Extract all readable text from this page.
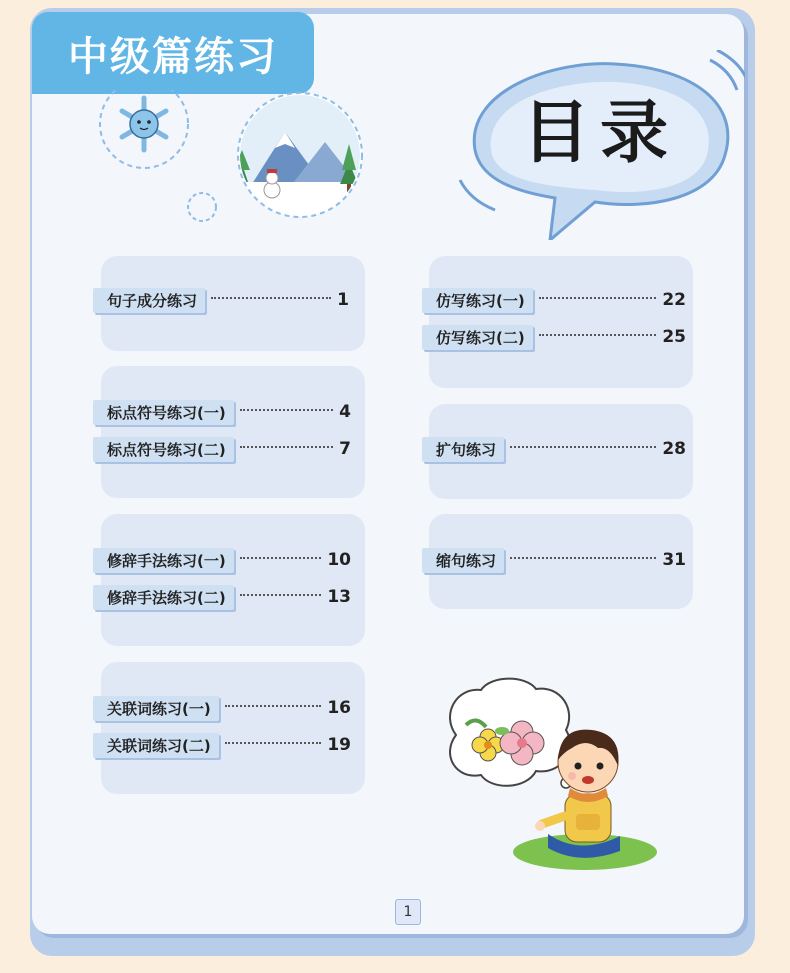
中级篇练习
目录
句子成分练习	1
标点符号练习(一)	4
标点符号练习(二)	7
修辞手法练习(一)	10
修辞手法练习(二)	13
关联词练习(一)	16
关联词练习(二)	19
仿写练习(一)	22
仿写练习(二)	25
扩句练习	28
缩句练习	31
1
